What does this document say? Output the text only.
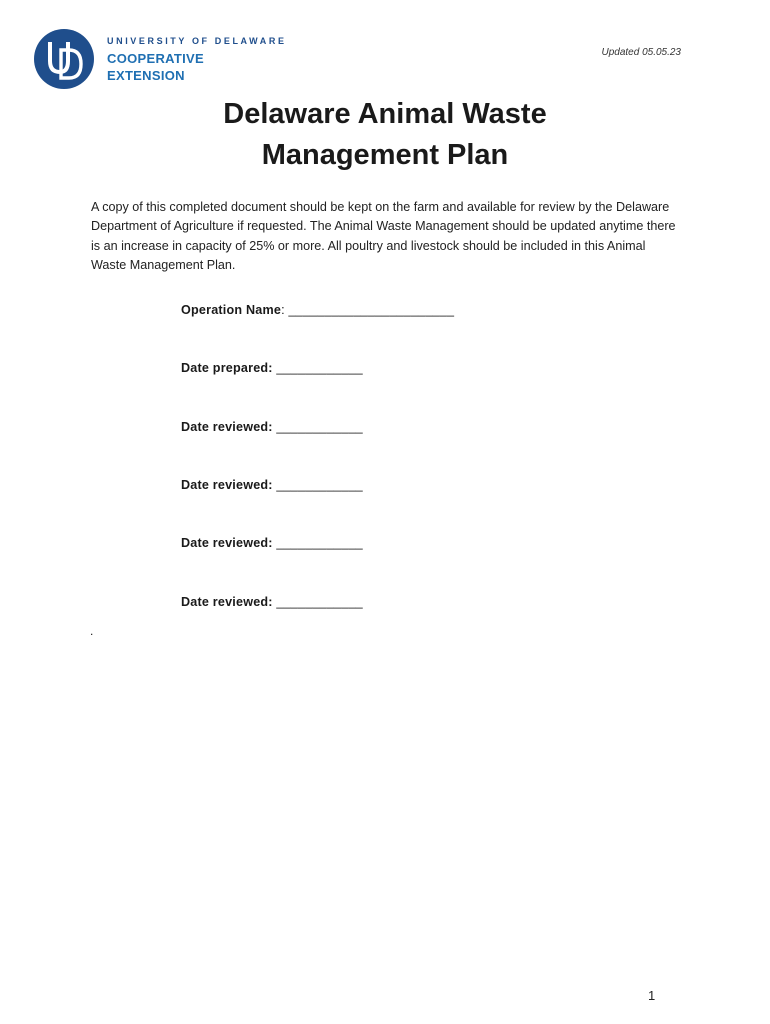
UNIVERSITY OF DELAWARE
COOPERATIVE
EXTENSION
Updated 05.05.23
Delaware Animal Waste
Management Plan
A copy of this completed document should be kept on the farm and available for review by the Delaware Department of Agriculture if requested. The Animal Waste Management should be updated anytime there is an increase in capacity of 25% or more. All poultry and livestock should be included in this Animal Waste Management Plan.
Operation Name: _______________________
Date prepared: ____________
Date reviewed: ____________
Date reviewed: ____________
Date reviewed: ____________
Date reviewed: ____________
.
1
